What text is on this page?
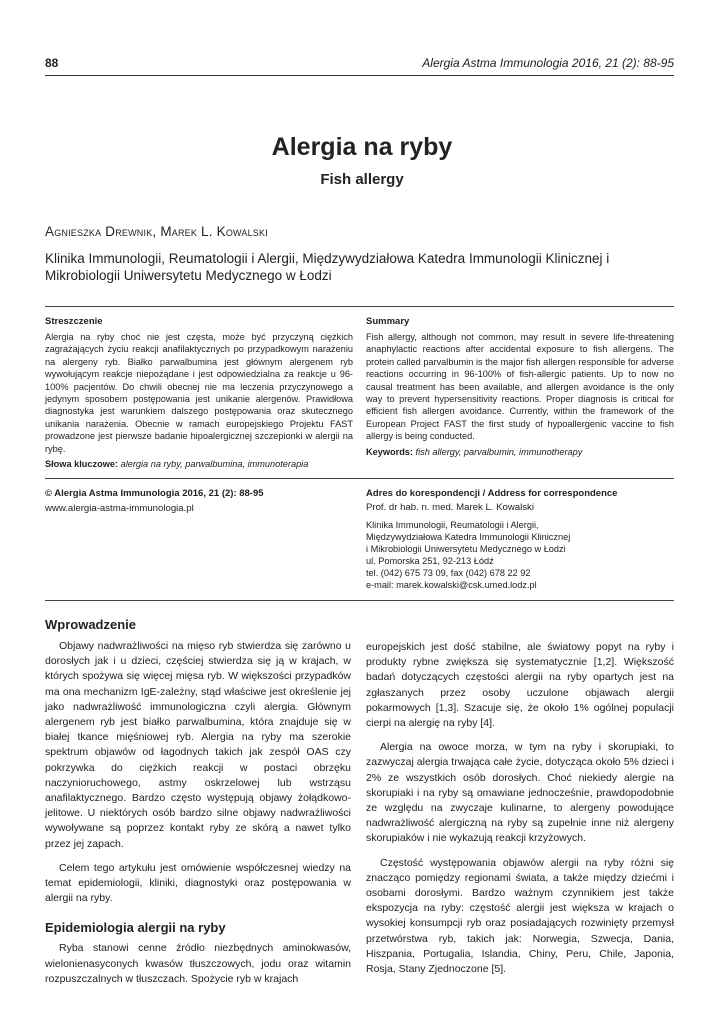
88	Alergia Astma Immunologia 2016, 21 (2): 88-95
Alergia na ryby
Fish allergy
Agnieszka Drewnik, Marek L. Kowalski
Klinika Immunologii, Reumatologii i Alergii, Międzywydziałowa Katedra Immunologii Klinicznej i Mikrobiologii Uniwersytetu Medycznego w Łodzi
Streszczenie
Alergia na ryby choć nie jest częsta, może być przyczyną ciężkich zagrażających życiu reakcji anafilaktycznych po przypadkowym narażeniu na alergeny ryb. Białko parwalbumina jest głównym alergenem ryb wywołującym reakcje niepożądane i jest odpowiedzialna za reakcje u 96-100% pacjentów. Do chwili obecnej nie ma leczenia przyczynowego a jedynym sposobem postępowania jest unikanie alergenów. Prawidłowa diagnostyka jest warunkiem dalszego postępowania oraz skutecznego unikania narażenia. Obecnie w ramach europejskiego Projektu FAST prowadzone jest pierwsze badanie hipoalergicznej szczepionki w alergii na rybę.
Słowa kluczowe: alergia na ryby, parwalbumina, immunoterapia
Summary
Fish allergy, although not common, may result in severe life-threatening anaphylactic reactions after accidental exposure to fish allergens. The protein called parvalbumin is the major fish allergen responsible for adverse reactions occurring in 96-100% of fish-allergic patients. Up to now no causal treatment has been available, and allergen avoidance is the only way to prevent hypersensitivity reactions. Proper diagnosis is critical for efficient fish allergen avoidance. Currently, within the framework of the European Project FAST the first study of hypoallergenic vaccine to fish allergy is being conducted.
Keywords: fish allergy, parvalbumin, immunotherapy
© Alergia Astma Immunologia 2016, 21 (2): 88-95
www.alergia-astma-immunologia.pl
Adres do korespondencji / Address for correspondence
Prof. dr hab. n. med. Marek L. Kowalski
Klinika Immunologii, Reumatologii i Alergii,
Międzywydziałowa Katedra Immunologii Klinicznej
i Mikrobiologii Uniwersytetu Medycznego w Łodzi
ul. Pomorska 251, 92-213 Łódź
tel. (042) 675 73 09, fax (042) 678 22 92
e-mail: marek.kowalski@csk.umed.lodz.pl
Wprowadzenie

Objawy nadwrażliwości na mięso ryb stwierdza się zarówno u dorosłych jak i u dzieci, częściej stwierdza się ją w krajach, w których spożywa się więcej mięsa ryb. W większości przypadków ma ona mechanizm IgE-zależny, stąd właściwe jest określenie jej jako nadwrażliwość immunologiczna czyli alergia. Głównym alergenem ryb jest białko parwalbumina, która znajduje się w białej tkance mięśniowej ryb. Alergia na ryby ma szerokie spektrum objawów od łagodnych takich jak zespół OAS czy pokrzywka do ciężkich reakcji w postaci obrzęku naczynioruchowego, astmy oskrzelowej lub wstrząsu anafilaktycznego. Bardzo często występują objawy żołądkowo-jelitowe. U niektórych osób bardzo silne objawy nadwrażliwości wywoływane są poprzez kontakt ryby ze skórą a nawet tylko przez jej zapach.

Celem tego artykułu jest omówienie współczesnej wiedzy na temat epidemiologii, kliniki, diagnostyki oraz postępowania w alergii na ryby.

Epidemiologia alergii na ryby

Ryba stanowi cenne źródło niezbędnych aminokwasów, wielonienasyconych kwasów tłuszczowych, jodu oraz witamin rozpuszczalnych w tłuszczach. Spożycie ryb w krajach

europejskich jest dość stabilne, ale światowy popyt na ryby i produkty rybne zwiększa się systematycznie [1,2]. Większość badań dotyczących częstości alergii na ryby opartych jest na zgłaszanych przez osoby uczulone objawach alergii pokarmowych [1,3]. Szacuje się, że około 1% ogólnej populacji cierpi na alergię na ryby [4].

Alergia na owoce morza, w tym na ryby i skorupiaki, to zazwyczaj alergia trwająca całe życie, dotycząca około 5% dzieci i 2% ze wszystkich osób dorosłych. Choć niekiedy alergie na skorupiaki i na ryby są omawiane jednocześnie, prawdopodobnie ze względu na zwyczaje kulinarne, to alergeny powodujące nadwrażliwość alergiczną na ryby są zupełnie inne niż alergeny skorupiaków i nie wykazują reakcji krzyżowych.

Częstość występowania objawów alergii na ryby różni się znacząco pomiędzy regionami świata, a także między dziećmi i osobami dorosłymi. Bardzo ważnym czynnikiem jest także ekspozycja na ryby: częstość alergii jest większa w krajach o wysokiej konsumpcji ryb oraz posiadających rozwinięty przemysł przetwórstwa ryb, takich jak: Norwegia, Szwecja, Dania, Hiszpania, Portugalia, Islandia, Chiny, Peru, Chile, Japonia, Rosja, Stany Zjednoczone [5].
